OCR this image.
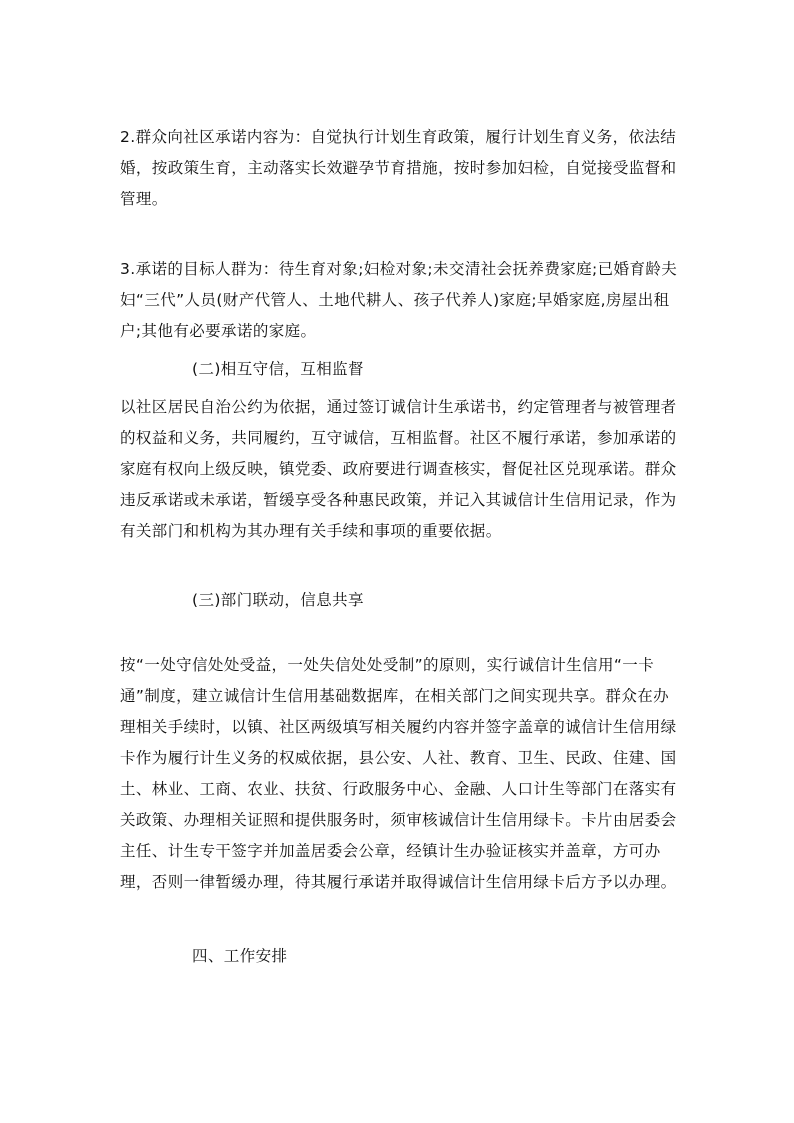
2.群众向社区承诺内容为：自觉执行计划生育政策，履行计划生育义务，依法结婚，按政策生育，主动落实长效避孕节育措施，按时参加妇检，自觉接受监督和管理。

3.承诺的目标人群为：待生育对象;妇检对象;未交清社会抚养费家庭;已婚育龄夫妇“三代”人员(财产代管人、土地代耕人、孩子代养人)家庭;早婚家庭,房屋出租户;其他有必要承诺的家庭。

(二)相互守信，互相监督

以社区居民自治公约为依据，通过签订诚信计生承诺书，约定管理者与被管理者的权益和义务，共同履约，互守诚信，互相监督。社区不履行承诺，参加承诺的家庭有权向上级反映，镇党委、政府要进行调查核实，督促社区兑现承诺。群众违反承诺或未承诺，暂缓享受各种惠民政策，并记入其诚信计生信用记录，作为有关部门和机构为其办理有关手续和事项的重要依据。

(三)部门联动，信息共享

按“一处守信处处受益，一处失信处处受制”的原则，实行诚信计生信用“一卡通”制度，建立诚信计生信用基础数据库，在相关部门之间实现共享。群众在办理相关手续时，以镇、社区两级填写相关履约内容并签字盖章的诚信计生信用绿卡作为履行计生义务的权威依据，县公安、人社、教育、卫生、民政、住建、国土、林业、工商、农业、扶贫、行政服务中心、金融、人口计生等部门在落实有关政策、办理相关证照和提供服务时，须审核诚信计生信用绿卡。卡片由居委会主任、计生专干签字并加盖居委会公章，经镇计生办验证核实并盖章，方可办理，否则一律暂缓办理，待其履行承诺并取得诚信计生信用绿卡后方予以办理。

四、工作安排
